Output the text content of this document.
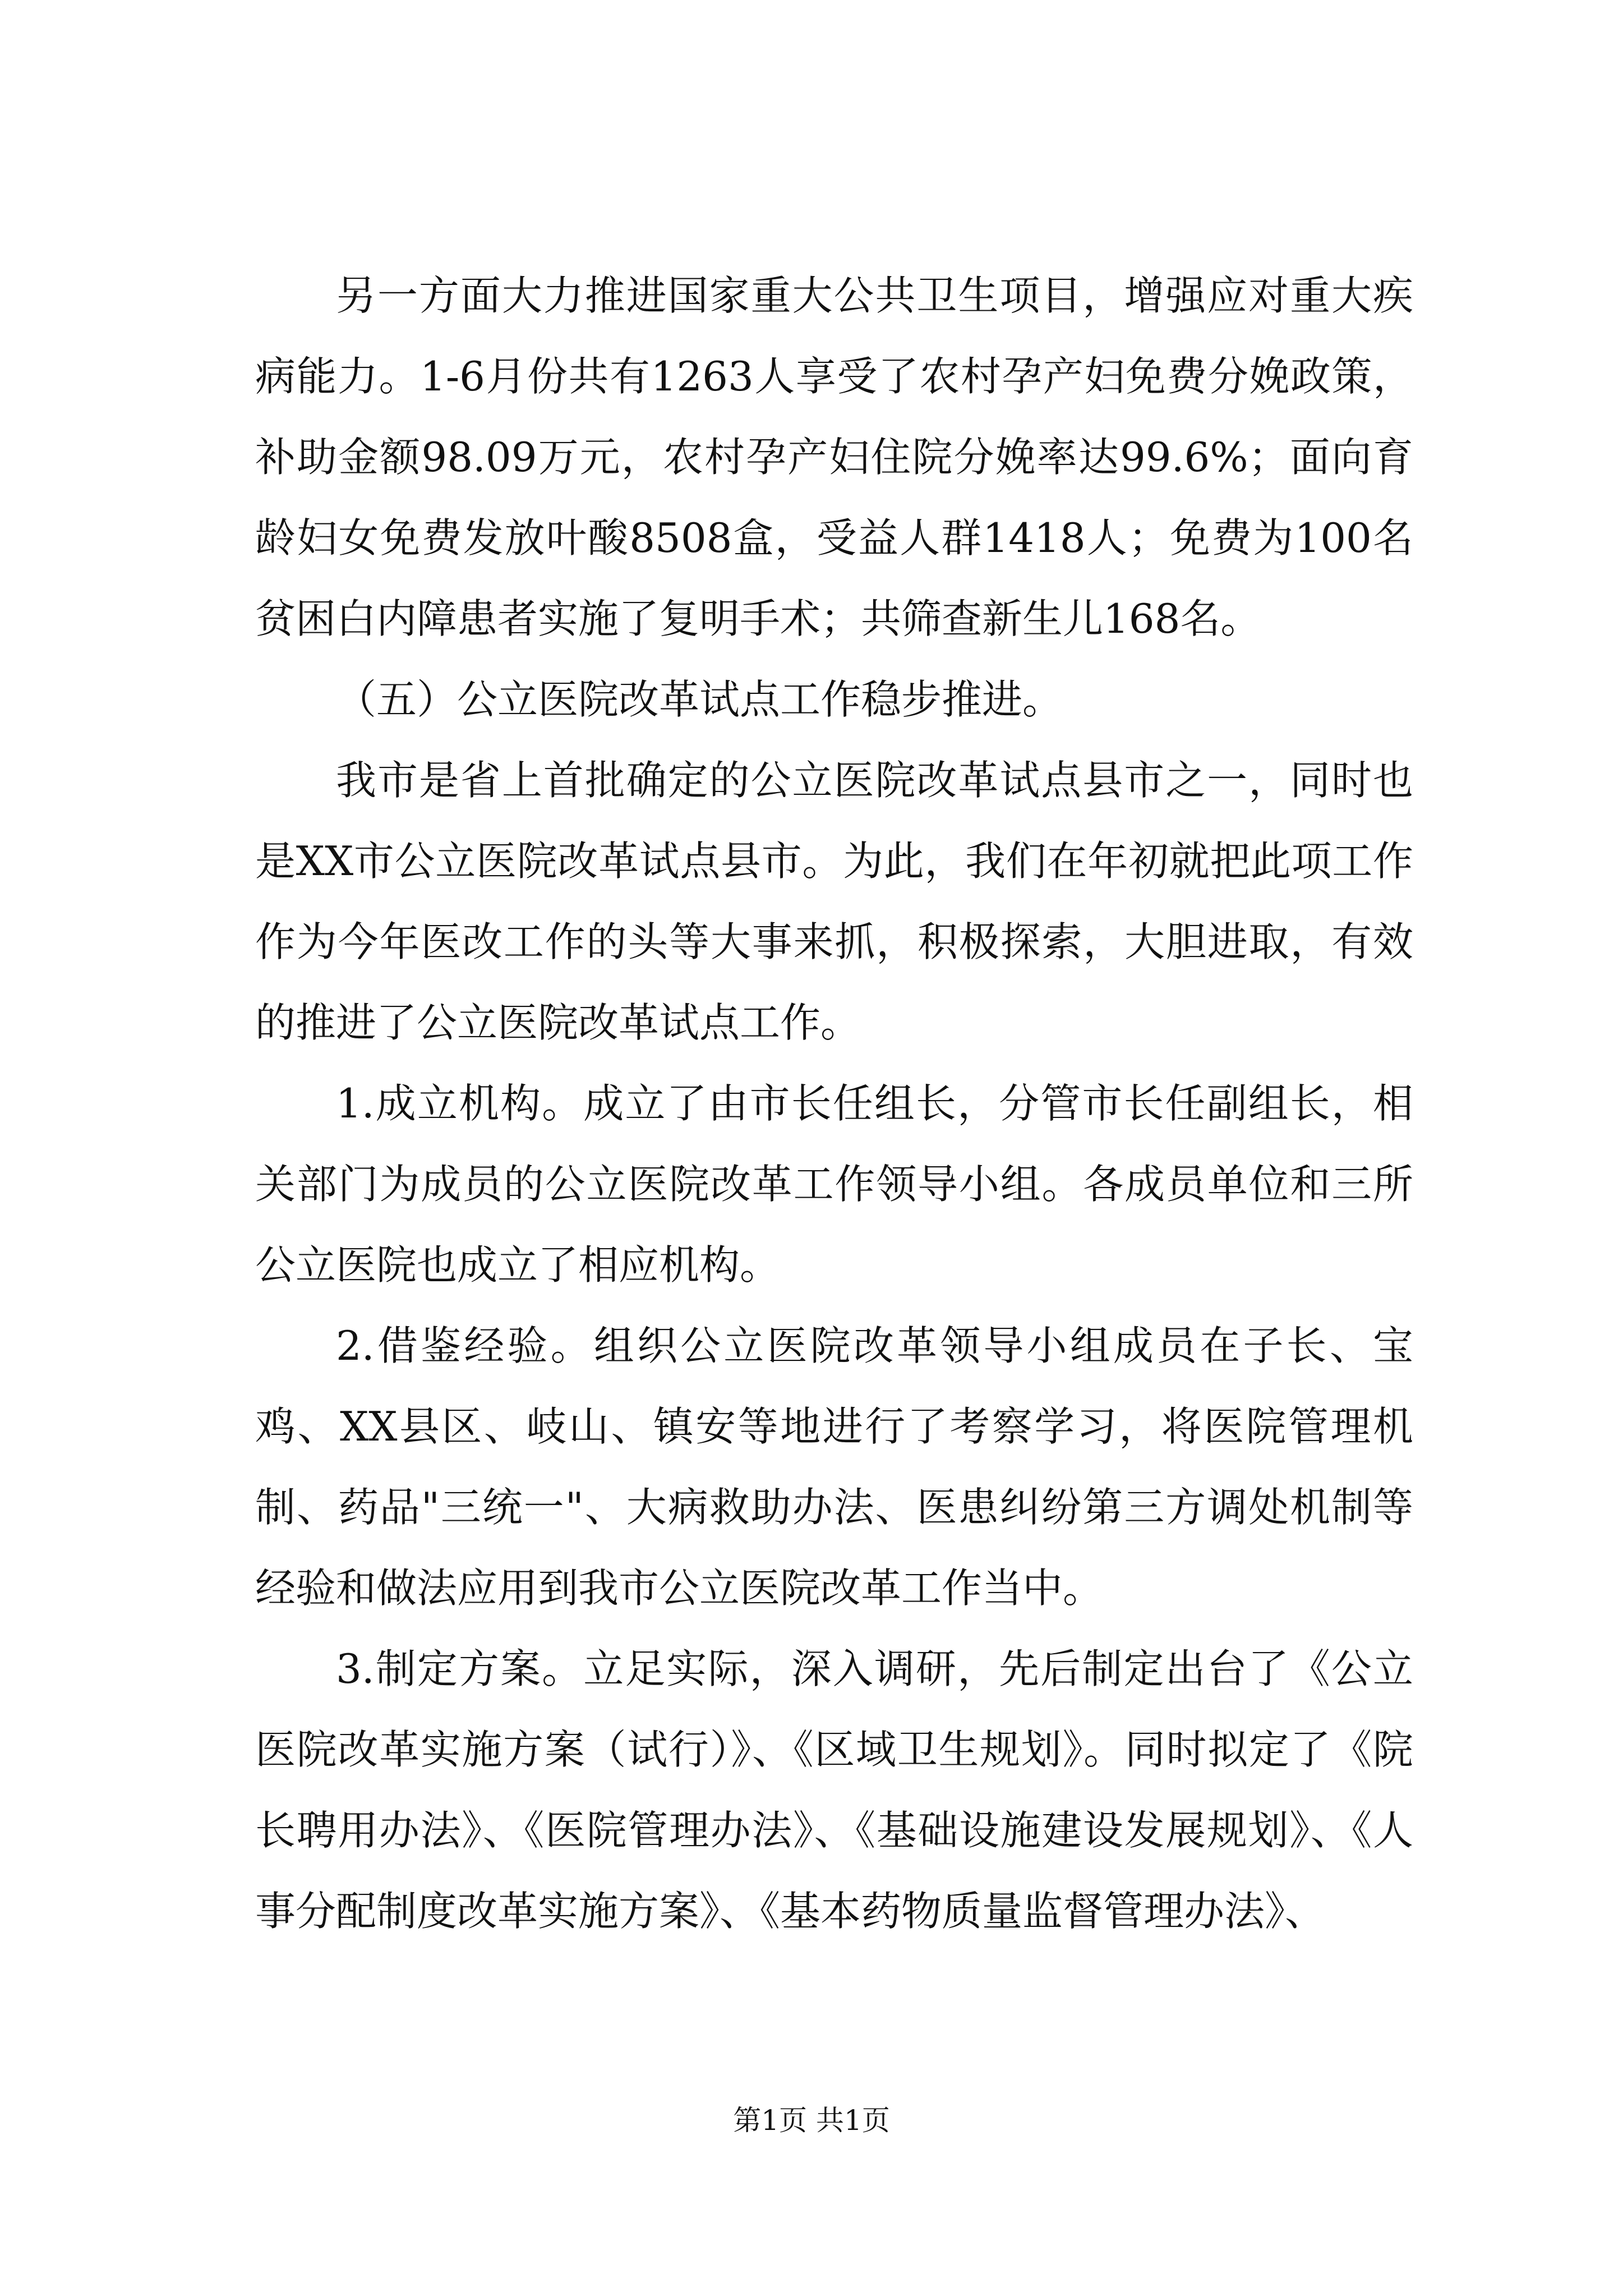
另一方面大力推进国家重大公共卫生项目，增强应对重大疾病能力。1-6月份共有1263人享受了农村孕产妇免费分娩政策，补助金额98.09万元，农村孕产妇住院分娩率达99.6%；面向育龄妇女免费发放叶酸8508盒，受益人群1418人；免费为100名贫困白内障患者实施了复明手术；共筛查新生儿168名。

（五）公立医院改革试点工作稳步推进。

我市是省上首批确定的公立医院改革试点县市之一，同时也是XX市公立医院改革试点县市。为此，我们在年初就把此项工作作为今年医改工作的头等大事来抓，积极探索，大胆进取，有效的推进了公立医院改革试点工作。

1.成立机构。成立了由市长任组长，分管市长任副组长，相关部门为成员的公立医院改革工作领导小组。各成员单位和三所公立医院也成立了相应机构。

2.借鉴经验。组织公立医院改革领导小组成员在子长、宝鸡、XX县区、岐山、镇安等地进行了考察学习，将医院管理机制、药品"三统一"、大病救助办法、医患纠纷第三方调处机制等经验和做法应用到我市公立医院改革工作当中。

3.制定方案。立足实际，深入调研，先后制定出台了《公立医院改革实施方案（试行）》、《区域卫生规划》。同时拟定了《院长聘用办法》、《医院管理办法》、《基础设施建设发展规划》、《人事分配制度改革实施方案》、《基本药物质量监督管理办法》、

第1页 共1页
